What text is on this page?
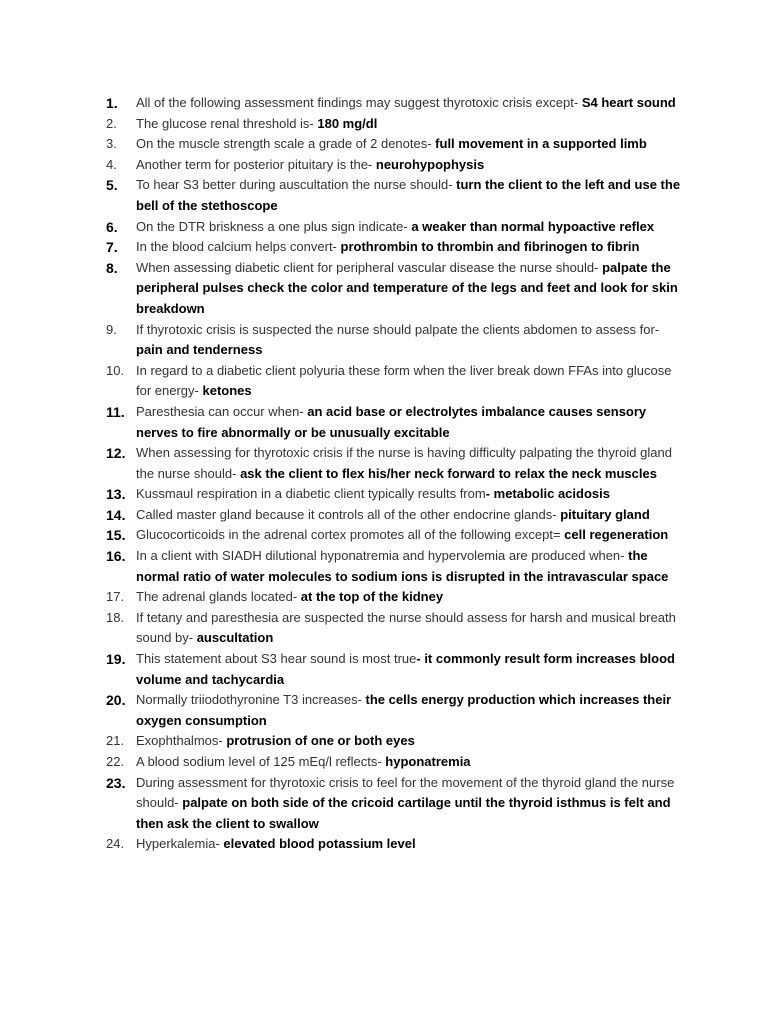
1.	All of the following assessment findings may suggest thyrotoxic crisis except- S4 heart sound
2.	The glucose renal threshold is- 180 mg/dl
3.	On the muscle strength scale a grade of 2 denotes- full movement in a supported limb
4.	Another term for posterior pituitary is the- neurohypophysis
5.	To hear S3 better during auscultation the nurse should- turn the client to the left and use the bell of the stethoscope
6.	On the DTR briskness a one plus sign indicate- a weaker than normal hypoactive reflex
7.	In the blood calcium helps convert- prothrombin to thrombin and fibrinogen to fibrin
8.	When assessing diabetic client for peripheral vascular disease the nurse should- palpate the peripheral pulses check the color and temperature of the legs and feet and look for skin breakdown
9.	If thyrotoxic crisis is suspected the nurse should palpate the clients abdomen to assess for- pain and tenderness
10. In regard to a diabetic client polyuria these form when the liver break down FFAs into glucose for energy- ketones
11. Paresthesia can occur when- an acid base or electrolytes imbalance causes sensory nerves to fire abnormally or be unusually excitable
12. When assessing for thyrotoxic crisis if the nurse is having difficulty palpating the thyroid gland the nurse should- ask the client to flex his/her neck forward to relax the neck muscles
13. Kussmaul respiration in a diabetic client typically results from- metabolic acidosis
14. Called master gland because it controls all of the other endocrine glands- pituitary gland
15. Glucocorticoids in the adrenal cortex promotes all of the following except= cell regeneration
16. In a client with SIADH dilutional hyponatremia and hypervolemia are produced when- the normal ratio of water molecules to sodium ions is disrupted in the intravascular space
17. The adrenal glands located- at the top of the kidney
18. If tetany and paresthesia are suspected the nurse should assess for harsh and musical breath sound by- auscultation
19. This statement about S3 hear sound is most true- it commonly result form increases blood volume and tachycardia
20. Normally triiodothyronine T3 increases- the cells energy production which increases their oxygen consumption
21. Exophthalmos- protrusion of one or both eyes
22. A blood sodium level of 125 mEq/l reflects- hyponatremia
23. During assessment for thyrotoxic crisis to feel for the movement of the thyroid gland the nurse should- palpate on both side of the cricoid cartilage until the thyroid isthmus is felt and then ask the client to swallow
24. Hyperkalemia- elevated blood potassium level
